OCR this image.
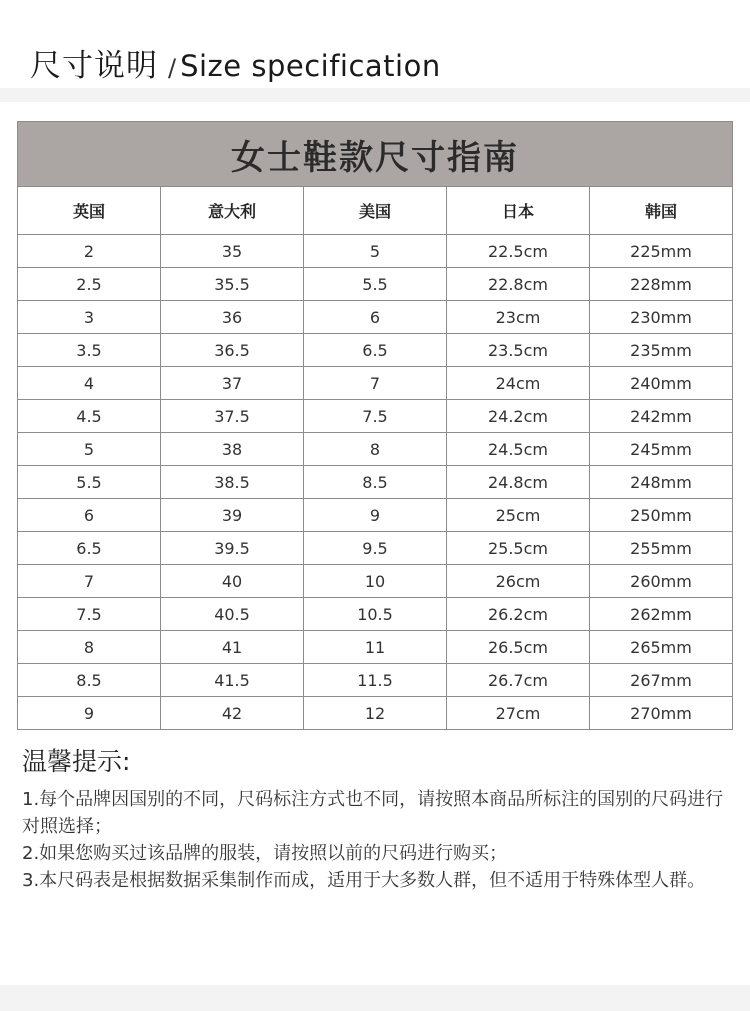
尺寸说明 / Size specification
女士鞋款尺寸指南				
英国	意大利	美国	日本	韩国
2	35	5	22.5cm	225mm
2.5	35.5	5.5	22.8cm	228mm
3	36	6	23cm	230mm
3.5	36.5	6.5	23.5cm	235mm
4	37	7	24cm	240mm
4.5	37.5	7.5	24.2cm	242mm
5	38	8	24.5cm	245mm
5.5	38.5	8.5	24.8cm	248mm
6	39	9	25cm	250mm
6.5	39.5	9.5	25.5cm	255mm
7	40	10	26cm	260mm
7.5	40.5	10.5	26.2cm	262mm
8	41	11	26.5cm	265mm
8.5	41.5	11.5	26.7cm	267mm
9	42	12	27cm	270mm
温馨提示:
1.每个品牌因国别的不同，尺码标注方式也不同，请按照本商品所标注的国别的尺码进行对照选择；
2.如果您购买过该品牌的服装，请按照以前的尺码进行购买；
3.本尺码表是根据数据采集制作而成，适用于大多数人群，但不适用于特殊体型人群。
